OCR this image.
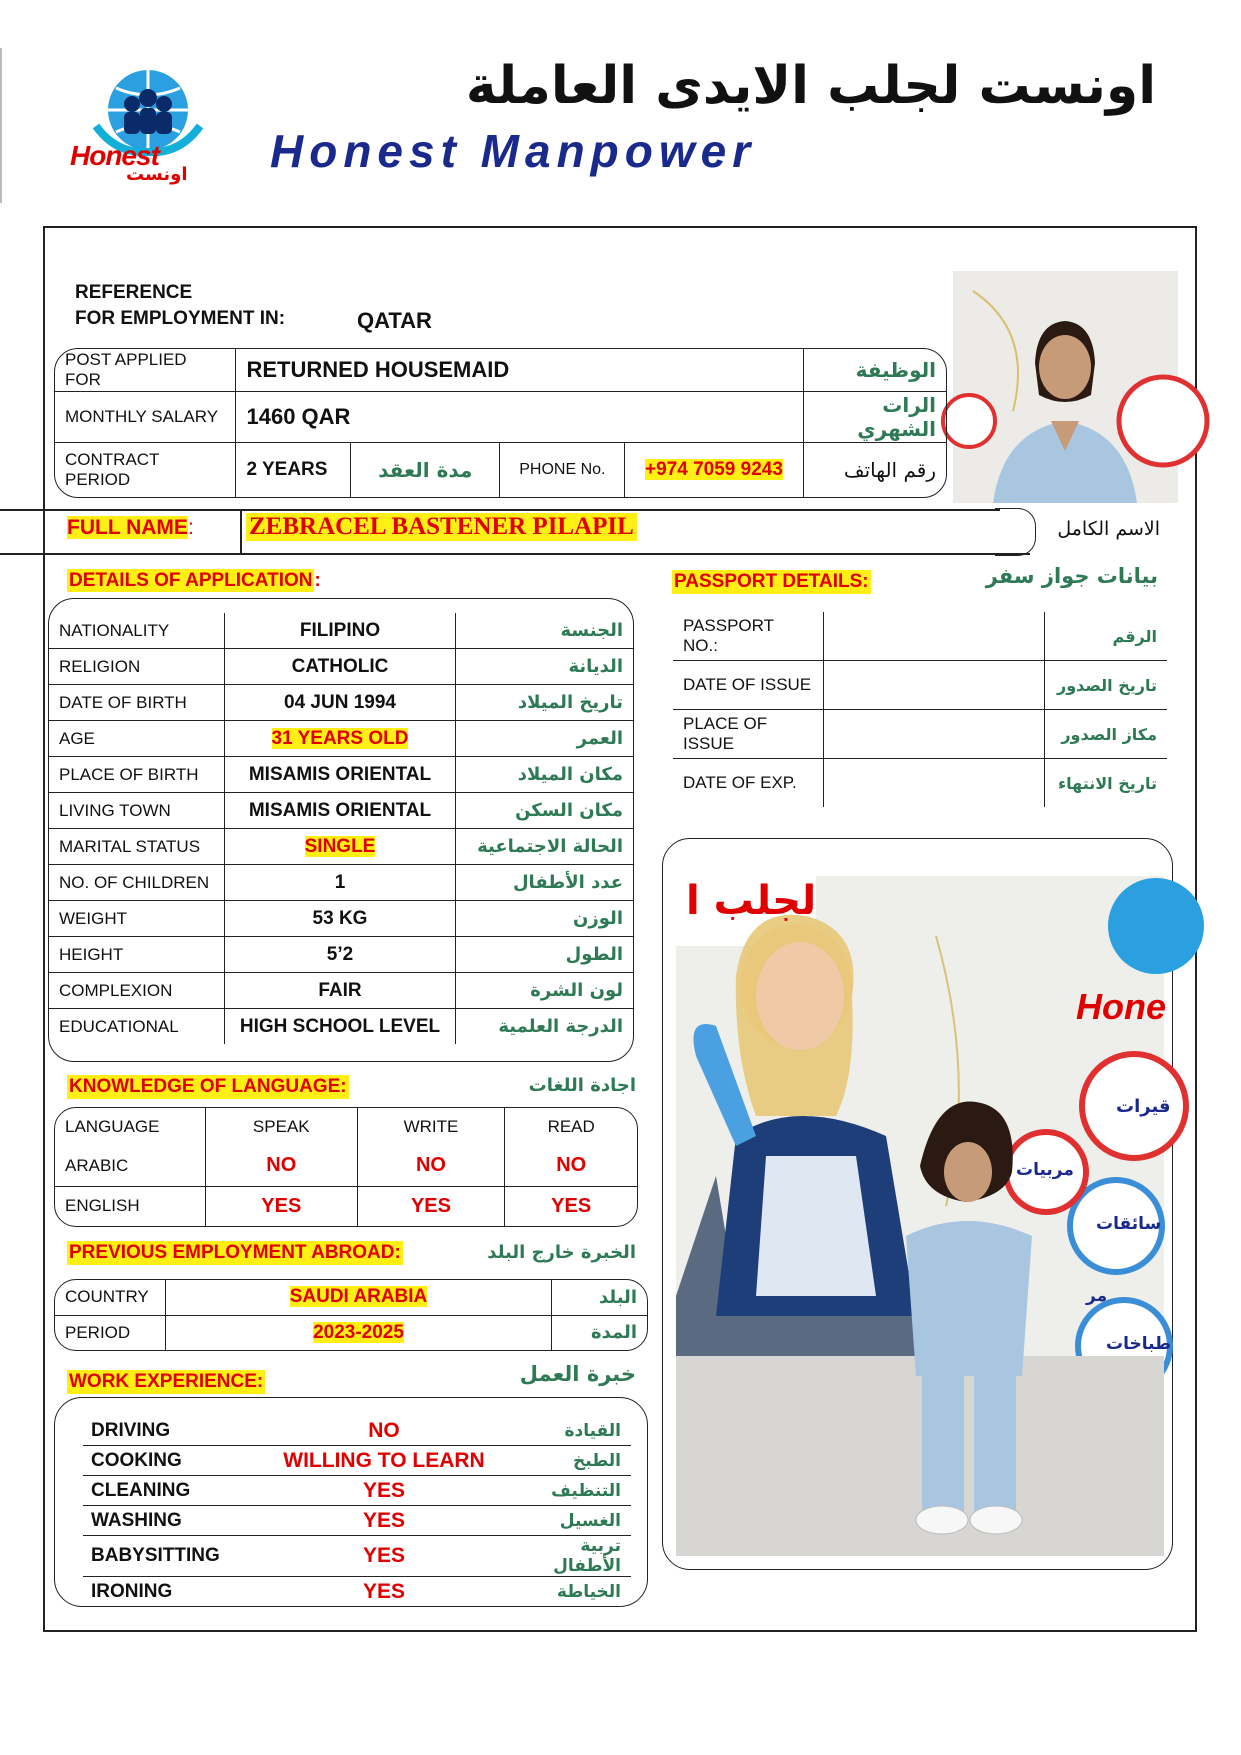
Honest
اونست
اونست لجلب الايدى العاملة
Honest Manpower
REFERENCE
FOR EMPLOYMENT IN:	QATAR
POST APPLIED FOR	RETURNED HOUSEMAID				الوظيفة
MONTHLY SALARY	1460 QAR				الرات الشهري
CONTRACT PERIOD	2 YEARS	مدة العقد	PHONE No.	+974 7059 9243	رقم الهاتف
FULL NAME: ZEBRACEL BASTENER PILAPIL	الاسم الكامل
DETAILS OF APPLICATION :	PASSPORT DETAILS:	بيانات جواز سفر
NATIONALITY	FILIPINO	الجنسة
RELIGION	CATHOLIC	الديانة
DATE OF BIRTH	04 JUN 1994	تاريخ الميلاد
AGE	31 YEARS OLD	العمر
PLACE OF BIRTH	MISAMIS ORIENTAL	مكان الميلاد
LIVING TOWN	MISAMIS ORIENTAL	مكان السكن
MARITAL STATUS	SINGLE	الحالة الاجتماعية
NO. OF CHILDREN	1	عدد الأطفال
WEIGHT	53 KG	الوزن
HEIGHT	5’2	الطول
COMPLEXION	FAIR	لون الشرة
EDUCATIONAL	HIGH SCHOOL LEVEL	الدرجة العلمية
PASSPORT NO.:		الرقم
DATE OF ISSUE		تاريخ الصدور
PLACE OF ISSUE		مكاز الصدور
DATE OF EXP.		تاريخ الانتهاء
لجلب ا
Hone
قيرات
مربيات
سائقات
مر
طباخات
KNOWLEDGE OF LANGUAGE:	اجادة اللغات
LANGUAGE	SPEAK	WRITE	READ
ARABIC	NO	NO	NO
ENGLISH	YES	YES	YES
PREVIOUS EMPLOYMENT ABROAD:	الخبرة خارج البلد
COUNTRY	SAUDI ARABIA	البلد
PERIOD	2023-2025	المدة
WORK EXPERIENCE:	خبرة العمل
DRIVING	NO	القيادة
COOKING	WILLING TO LEARN	الطبخ
CLEANING	YES	التنظيف
WASHING	YES	الغسيل
BABYSITTING	YES	تربية الأطفال
IRONING	YES	الخياطة
